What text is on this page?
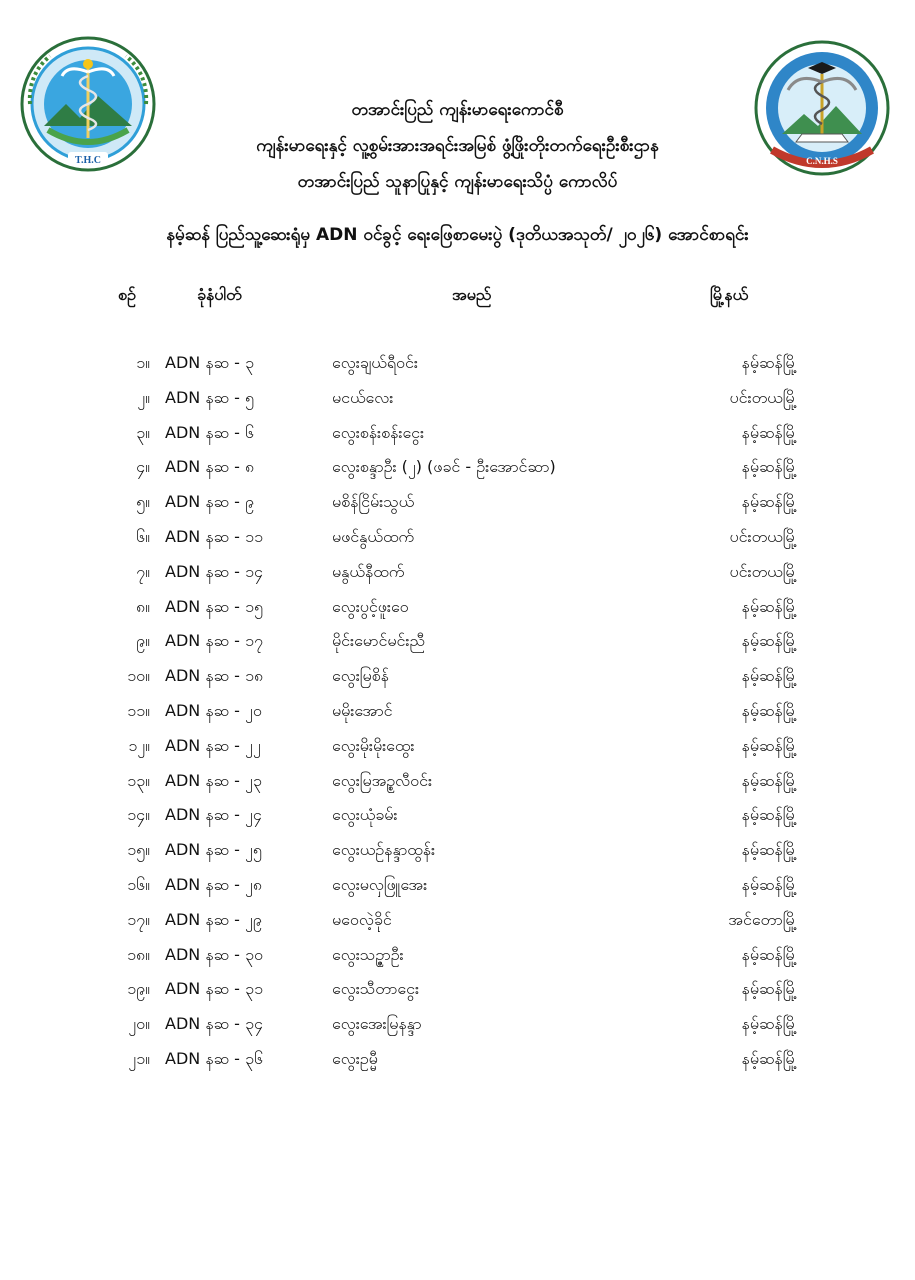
T.H.C	C.N.H.S
တအာင်းပြည် ကျန်းမာရေးကောင်စီ
ကျန်းမာရေးနှင့် လူ့စွမ်းအားအရင်းအမြစ် ဖွံ့ဖြိုးတိုးတက်ရေးဦးစီးဌာန
တအာင်းပြည် သူနာပြုနှင့် ကျန်းမာရေးသိပ္ပံ ကောလိပ်
နမ့်ဆန် ပြည်သူ့ဆေးရုံမှ ADN ဝင်ခွင့် ရေးဖြေစာမေးပွဲ (ဒုတိယအသုတ်/ ၂၀၂၆) အောင်စာရင်း
စဉ်	ခုံနံပါတ်	အမည်	မြို့နယ်
၁။ ADN နဆ - ၃	လွေးချယ်ရီဝင်း	နမ့်ဆန်မြို့
၂။ ADN နဆ - ၅	မငယ်လေး	ပင်းတယမြို့
၃။ ADN နဆ - ၆	လွေးစန်းစန်းငွေး	နမ့်ဆန်မြို့
၄။ ADN နဆ - ၈	လွေးစန္ဒာဦး (၂) (ဖခင် - ဦးအောင်ဆာ)	နမ့်ဆန်မြို့
၅။ ADN နဆ - ၉	မစိန်ငြိမ်းသွယ်	နမ့်ဆန်မြို့
၆။ ADN နဆ - ၁၁	မဖင်နွယ်ထက်	ပင်းတယမြို့
၇။ ADN နဆ - ၁၄	မနွယ်နီထက်	ပင်းတယမြို့
၈။ ADN နဆ - ၁၅	လွေးပွင့်ဖူးဝေ	နမ့်ဆန်မြို့
၉။ ADN နဆ - ၁၇	မိုင်းမောင်မင်းညီ	နမ့်ဆန်မြို့
၁၀။ ADN နဆ - ၁၈	လွေးမြစိန်	နမ့်ဆန်မြို့
၁၁။ ADN နဆ - ၂၀	မမိုးအောင်	နမ့်ဆန်မြို့
၁၂။ ADN နဆ - ၂၂	လွေးမိုးမိုးထွေး	နမ့်ဆန်မြို့
၁၃။ ADN နဆ - ၂၃	လွေးမြအဥ္စလီဝင်း	နမ့်ဆန်မြို့
၁၄။ ADN နဆ - ၂၄	လွေးယုံခမ်း	နမ့်ဆန်မြို့
၁၅။ ADN နဆ - ၂၅	လွေးယဉ်နန္ဒာထွန်း	နမ့်ဆန်မြို့
၁၆။ ADN နဆ - ၂၈	လွေးမလှဖြူအေး	နမ့်ဆန်မြို့
၁၇။ ADN နဆ - ၂၉	မဝေလဲ့ခိုင်	အင်တောမြို့
၁၈။ ADN နဆ - ၃၀	လွေးသဥ္ဇာဦး	နမ့်ဆန်မြို့
၁၉။ ADN နဆ - ၃၁	လွေးသီတာငွေး	နမ့်ဆန်မြို့
၂၀။ ADN နဆ - ၃၄	လွေးအေးမြနန္ဒာ	နမ့်ဆန်မြို့
၂၁။ ADN နဆ - ၃၆	လွေးဥမ္မီ	နမ့်ဆန်မြို့
